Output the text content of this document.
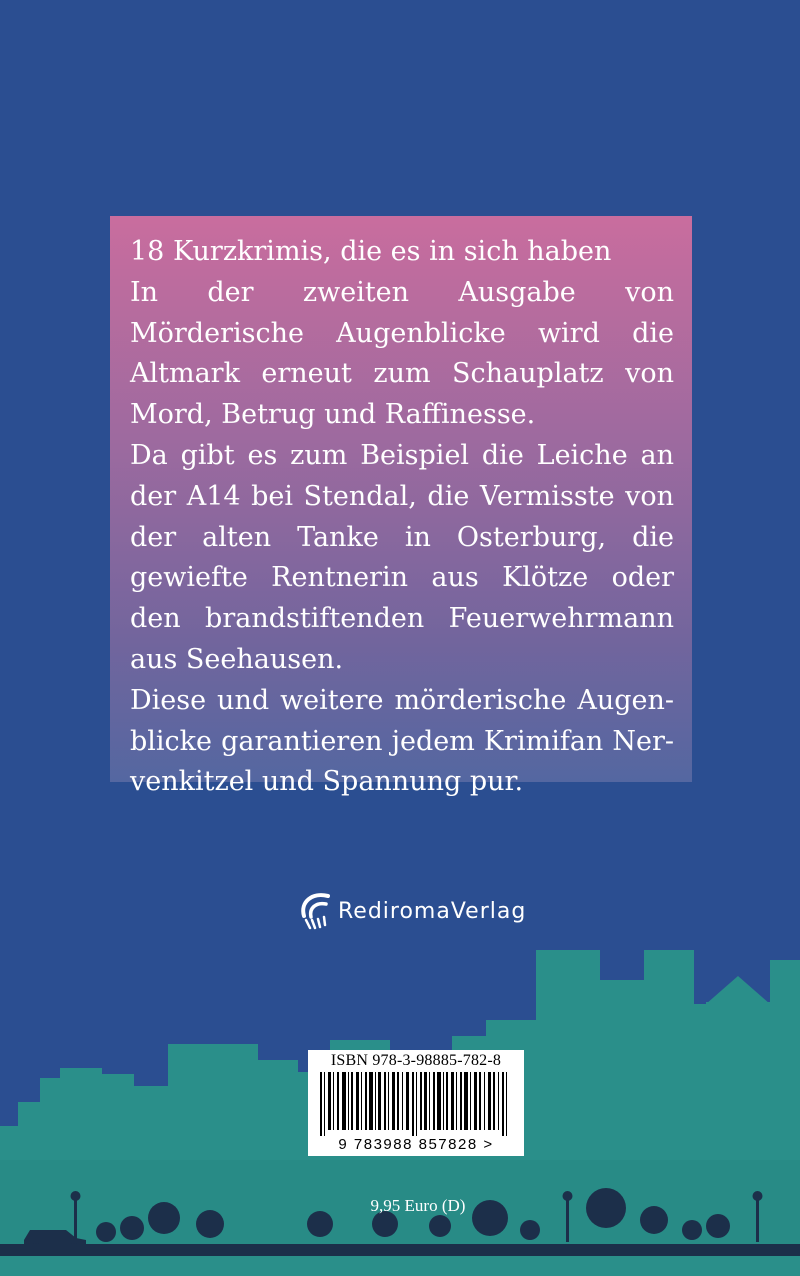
18 Kurzkrimis, die es in sich haben

In der zweiten Ausgabe von Mörderische Augenblicke wird die Altmark erneut zum Schauplatz von Mord, Betrug und Raffinesse.

Da gibt es zum Beispiel die Leiche an der A14 bei Stendal, die Vermisste von der alten Tanke in Osterburg, die gewiefte Rentnerin aus Klötze oder den brandstiftenden Feuerwehrmann aus Seehausen.

Diese und weitere mörderische Augenblicke garantieren jedem Krimifan Nervenkitzel und Spannung pur.

RediromaVerlag
ISBN 978-3-98885-782-8
9 783988 857828 >
9,95 Euro (D)
